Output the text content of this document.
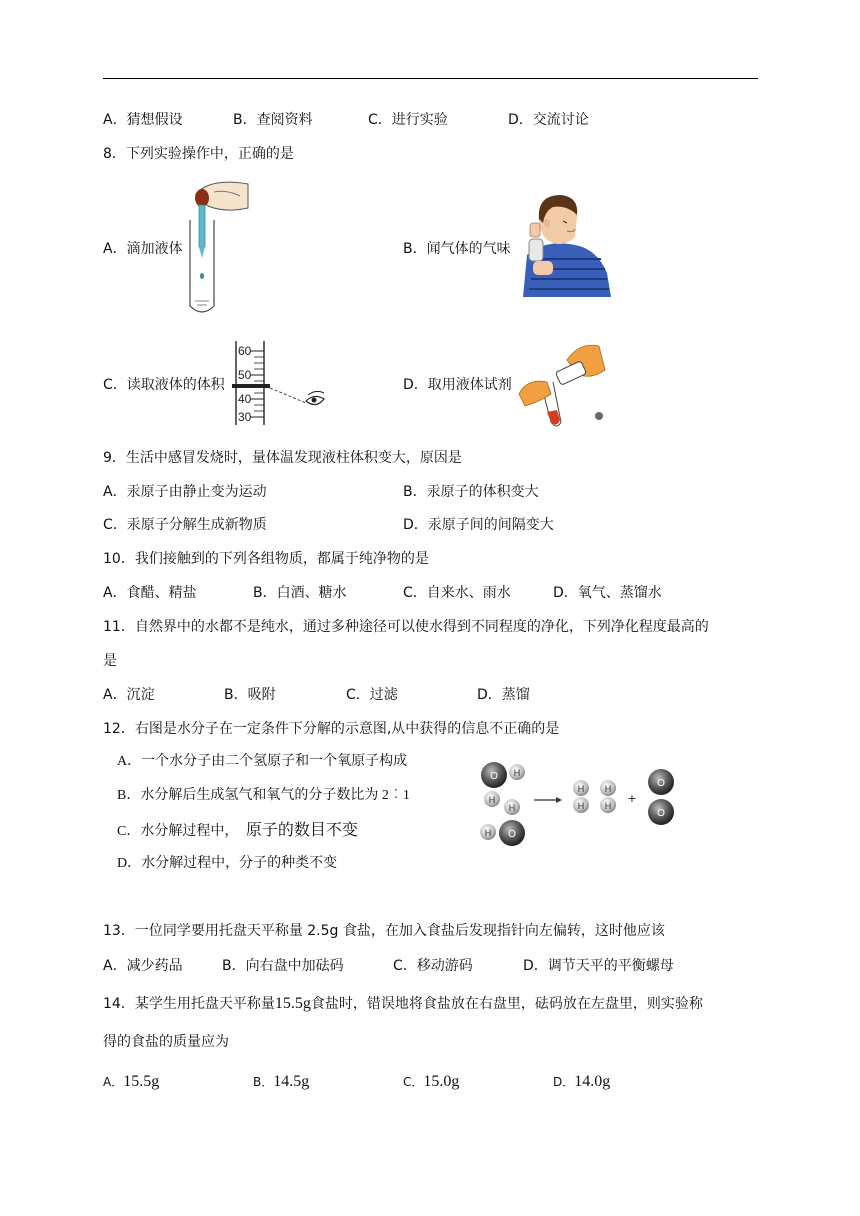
A．猜想假设	B．查阅资料	C．进行实验	D．交流讨论
8．下列实验操作中，正确的是
A．滴加液体	B．闻气体的气味
60
50
40
30
C．读取液体的体积	D．取用液体试剂
9．生活中感冒发烧时，量体温发现液柱体积变大，原因是
A．汞原子由静止变为运动	B．汞原子的体积变大
C．汞原子分解生成新物质	D．汞原子间的间隔变大
10．我们接触到的下列各组物质，都属于纯净物的是
A．食醋、精盐	B．白酒、糖水	C．自来水、雨水	D．氧气、蒸馏水
11．自然界中的水都不是纯水，通过多种途径可以使水得到不同程度的净化，下列净化程度最高的
是
A．沉淀	B．吸附	C．过滤	D．蒸馏
12．右图是水分子在一定条件下分解的示意图,从中获得的信息不正确的是
A．一个水分子由二个氢原子和一个氧原子构成
B．水分解后生成氢气和氧气的分子数比为 2︰1
C．水分解过程中， 原子的数目不变
D．水分解过程中，分子的种类不变
O H
H
H
H O
H
H
H
H +
O
O
13．一位同学要用托盘天平称量 2.5g 食盐，在加入食盐后发现指针向左偏转，这时他应该
A．减少药品	B．向右盘中加砝码	C．移动游码	D．调节天平的平衡螺母
14．某学生用托盘天平称量15.5g食盐时，错误地将食盐放在右盘里，砝码放在左盘里，则实验称
得的食盐的质量应为
A．15.5g	B．14.5g	C．15.0g	D．14.0g
